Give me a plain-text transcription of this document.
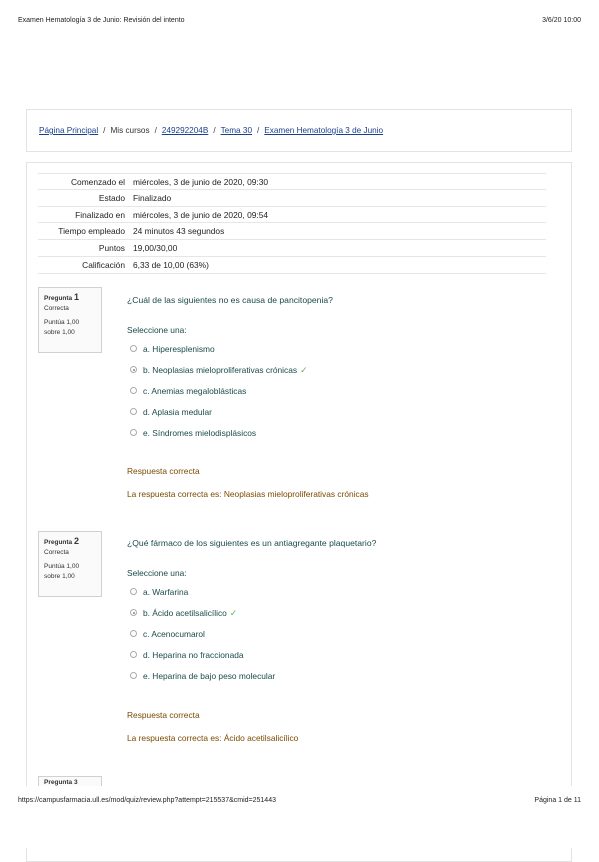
Examen Hematología 3 de Junio: Revisión del intento	3/6/20 10:00
Página Principal / Mis cursos / 249292204B / Tema 30 / Examen Hematología 3 de Junio
Comenzado el miércoles, 3 de junio de 2020, 09:30
Estado Finalizado
Finalizado en miércoles, 3 de junio de 2020, 09:54
Tiempo empleado 24 minutos 43 segundos
Puntos 19,00/30,00
Calificación 6,33 de 10,00 (63%)
Pregunta 1
Correcta
Puntúa 1,00 sobre 1,00
¿Cuál de las siguientes no es causa de pancitopenia?
Seleccione una:
a. Hiperesplenismo
b. Neoplasias mieloproliferativas crónicas ✓
c. Anemias megaloblásticas
d. Aplasia medular
e. Síndromes mielodisplásicos
Respuesta correcta
La respuesta correcta es: Neoplasias mieloproliferativas crónicas
Pregunta 2
Correcta
Puntúa 1,00 sobre 1,00
¿Qué fármaco de los siguientes es un antiagregante plaquetario?
Seleccione una:
a. Warfarina
b. Ácido acetilsalicílico ✓
c. Acenocumarol
d. Heparina no fraccionada
e. Heparina de bajo peso molecular
Respuesta correcta
La respuesta correcta es: Ácido acetilsalicílico
Pregunta 3
https://campusfarmacia.ull.es/mod/quiz/review.php?attempt=215537&cmid=251443	Página 1 de 11
